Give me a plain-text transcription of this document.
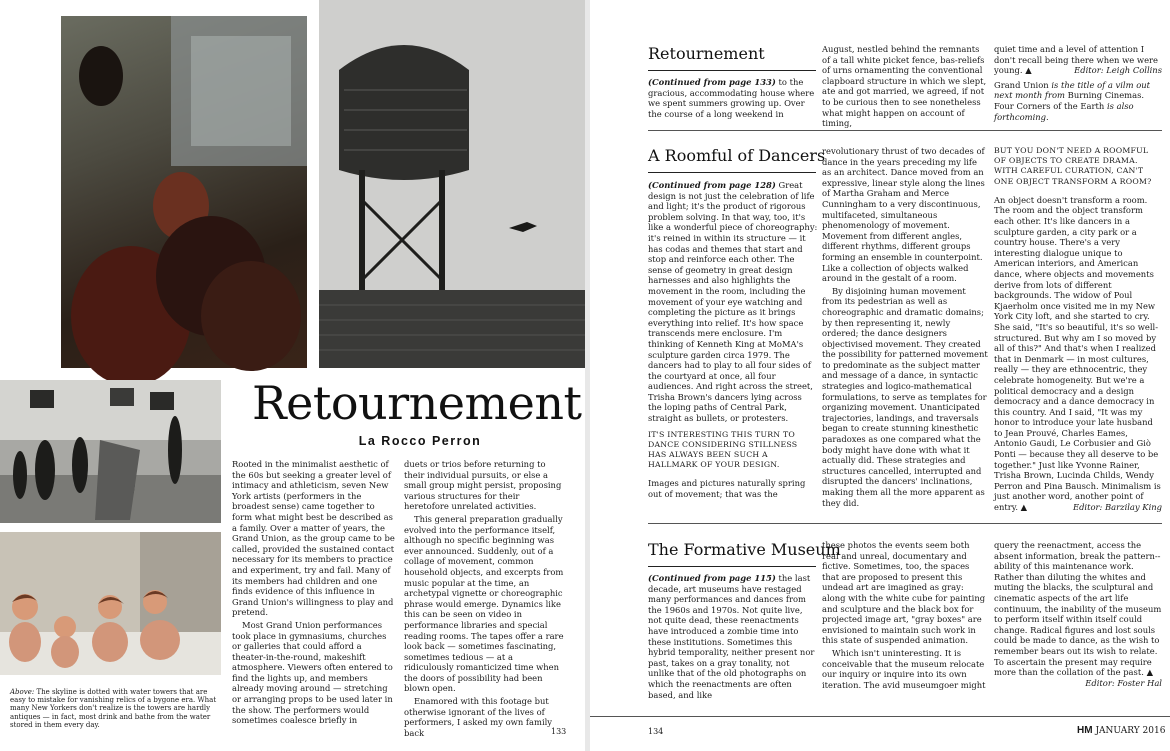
Above: The skyline is dotted with water towers that are easy to mistake for vanishing relics of a bygone era. What many New Yorkers don't realize is the towers are hardly antiques — in fact, most drink and bathe from the water stored in them every day.
Retournement
La Rocco Perron

Rooted in the minimalist aesthetic of the 60s but seeking a greater level of intimacy and athleticism, seven New York artists (performers in the broadest sense) came together to form what might best be described as a family. Over a matter of years, the Grand Union, as the group came to be called, provided the sustained contact necessary for its members to practice and experiment, try and fail. Many of its members had children and one finds evidence of this influence in Grand Union's willingness to play and pretend.

Most Grand Union performances took place in gymnasiums, churches or galleries that could afford a theater-in-the-round, makeshift atmosphere. Viewers often entered to find the lights up, and members already moving around — stretching or arranging props to be used later in the show. The performers would sometimes coalesce briefly in

duets or trios before returning to their individual pursuits, or else a small group might persist, proposing various structures for their heretofore unrelated activities.

This general preparation gradually evolved into the performance itself, although no specific beginning was ever announced. Suddenly, out of a collage of movement, common household objects, and excerpts from music popular at the time, an archetypal vignette or choreographic phrase would emerge. Dynamics like this can be seen on video in performance libraries and special reading rooms. The tapes offer a rare look back — sometimes fascinating, sometimes tedious — at a ridiculously romanticized time when the doors of possibility had been blown open.

Enamored with this footage but otherwise ignorant of the lives of performers, I asked my own family back	133
Retournement
(Continued from page 133) to the gracious, accommodating house where we spent summers growing up. Over the course of a long weekend in
August, nestled behind the remnants of a tall white picket fence, bas-reliefs of urns ornamenting the conventional clapboard structure in which we slept, ate and got married, we agreed, if not to be curious then to see nonetheless what might happen on account of timing,

quiet time and a level of attention I don't recall being there when we were young. ▲	Editor: Leigh Collins

Grand Union is the title of a vilm out next month from Burning Cinemas. Four Corners of the Earth is also forthcoming.

A Roomful of Dancers

(Continued from page 128) Great design is not just the celebration of life and light; it's the product of rigorous problem solving. In that way, too, it's like a wonderful piece of choreography: it's reined in within its structure — it has codas and themes that start and stop and reinforce each other. The sense of geometry in great design harnesses and also highlights the movement in the room, including the movement of your eye watching and completing the picture as it brings everything into relief. It's how space transcends mere enclosure. I'm thinking of Kenneth King at MoMA's sculpture garden circa 1979. The dancers had to play to all four sides of the courtyard at once, all four audiences. And right across the street, Trisha Brown's dancers lying across the loping paths of Central Park, straight as bullets, or protesters.

IT'S INTERESTING THIS TURN TO DANCE CONSIDERING STILLNESS HAS ALWAYS BEEN SUCH A HALLMARK OF YOUR DESIGN.

Images and pictures naturally spring out of movement; that was the

revolutionary thrust of two decades of dance in the years preceding my life as an architect. Dance moved from an expressive, linear style along the lines of Martha Graham and Merce Cunningham to a very discontinuous, multifaceted, simultaneous phenomenology of movement. Movement from different angles, different rhythms, different groups forming an ensemble in counterpoint. Like a collection of objects walked around in the gestalt of a room.

By disjoining human movement from its pedestrian as well as choreographic and dramatic domains; by then representing it, newly ordered; the dance designers objectivised movement. They created the possibility for patterned movement to predominate as the subject matter and message of a dance, in syntactic strategies and logico-mathematical formulations, to serve as templates for organizing movement. Unanticipated trajectories, landings, and traversals began to create stunning kinesthetic paradoxes as one compared what the body might have done with what it actually did. These strategies and structures cancelled, interrupted and disrupted the dancers' inclinations, making them all the more apparent as they did.

BUT YOU DON'T NEED A ROOMFUL OF OBJECTS TO CREATE DRAMA. WITH CAREFUL CURATION, CAN'T ONE OBJECT TRANSFORM A ROOM?

An object doesn't transform a room. The room and the object transform each other. It's like dancers in a sculpture garden, a city park or a country house. There's a very interesting dialogue unique to American interiors, and American dance, where objects and movements derive from lots of different backgrounds. The widow of Poul Kjaerholm once visited me in my New York City loft, and she started to cry. She said, "It's so beautiful, it's so well-structured. But why am I so moved by all of this?" And that's when I realized that in Denmark — in most cultures, really — they are ethnocentric, they celebrate homogeneity. But we're a political democracy and a design democracy and a dance democracy in this country. And I said, "It was my honor to introduce your late husband to Jean Prouvé, Charles Eames, Antonio Gaudi, Le Corbusier and Giò Ponti — because they all deserve to be together." Just like Yvonne Rainer, Trisha Brown, Lucinda Childs, Wendy Perron and Pina Bausch. Minimalism is just another word, another point of entry. ▲	Editor: Barzilay King

The Formative Museum

(Continued from page 115) the last decade, art museums have restaged many performances and dances from the 1960s and 1970s. Not quite live, not quite dead, these reenactments have introduced a zombie time into these institutions. Sometimes this hybrid temporality, neither present nor past, takes on a gray tonality, not unlike that of the old photographs on which the reenactments are often based, and like

these photos the events seem both real and unreal, documentary and fictive. Sometimes, too, the spaces that are proposed to present this undead art are imagined as gray: along with the white cube for painting and sculpture and the black box for projected image art, "gray boxes" are envisioned to maintain such work in this state of suspended animation.

Which isn't uninteresting. It is conceivable that the museum relocate our inquiry or inquire into its own iteration. The avid museumgoer might

query the reenactment, access the absent information, break the pattern--ability of this maintenance work. Rather than diluting the whites and muting the blacks, the sculptural and cinematic aspects of the art life continuum, the inability of the museum to perform itself within itself could change. Radical figures and lost souls could be made to dance, as the wish to remember bears out its wish to relate. To ascertain the present may require more than the collation of the past. ▲
Editor: Foster Hal

134	HM JANUARY 2016
